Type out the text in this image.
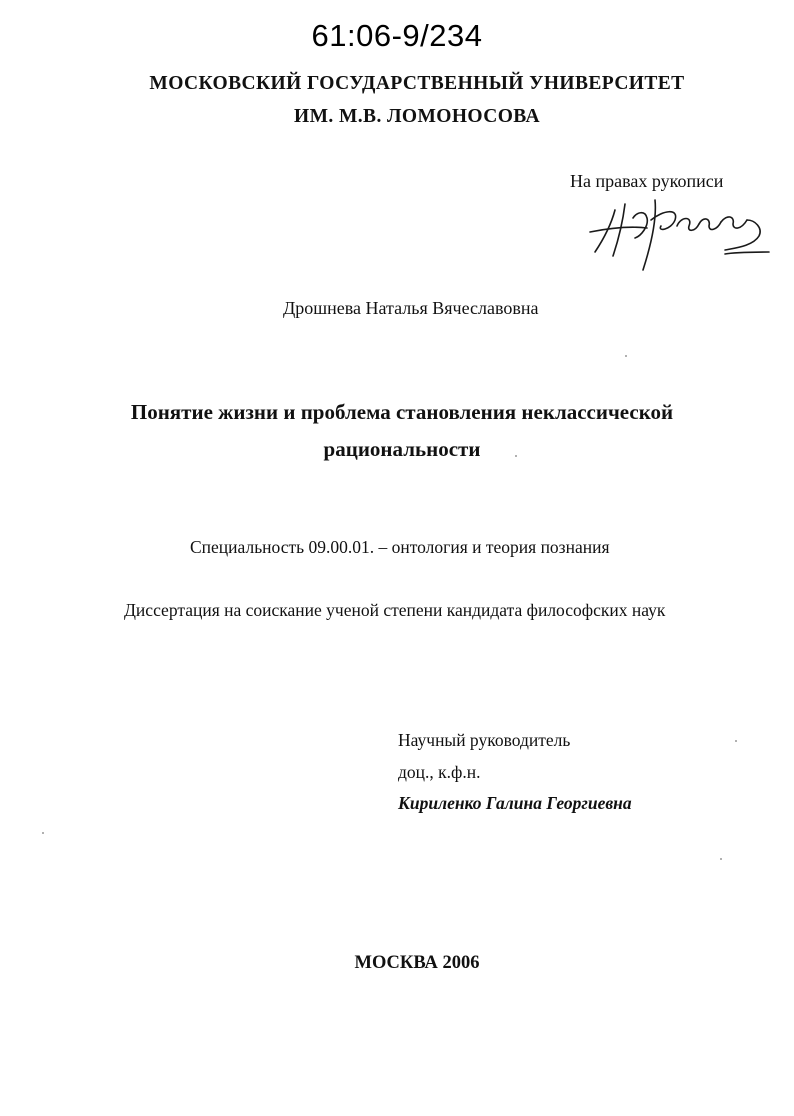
61:06-9/234
МОСКОВСКИЙ ГОСУДАРСТВЕННЫЙ УНИВЕРСИТЕТ
ИМ. М.В. ЛОМОНОСОВА
На правах рукописи
Дрошнева Наталья Вячеславовна
Понятие жизни и проблема становления неклассической
рациональности
Специальность 09.00.01. – онтология и теория познания
Диссертация на соискание ученой степени кандидата философских наук
Научный руководитель
доц., к.ф.н.
Кириленко Галина Георгиевна
МОСКВА 2006
